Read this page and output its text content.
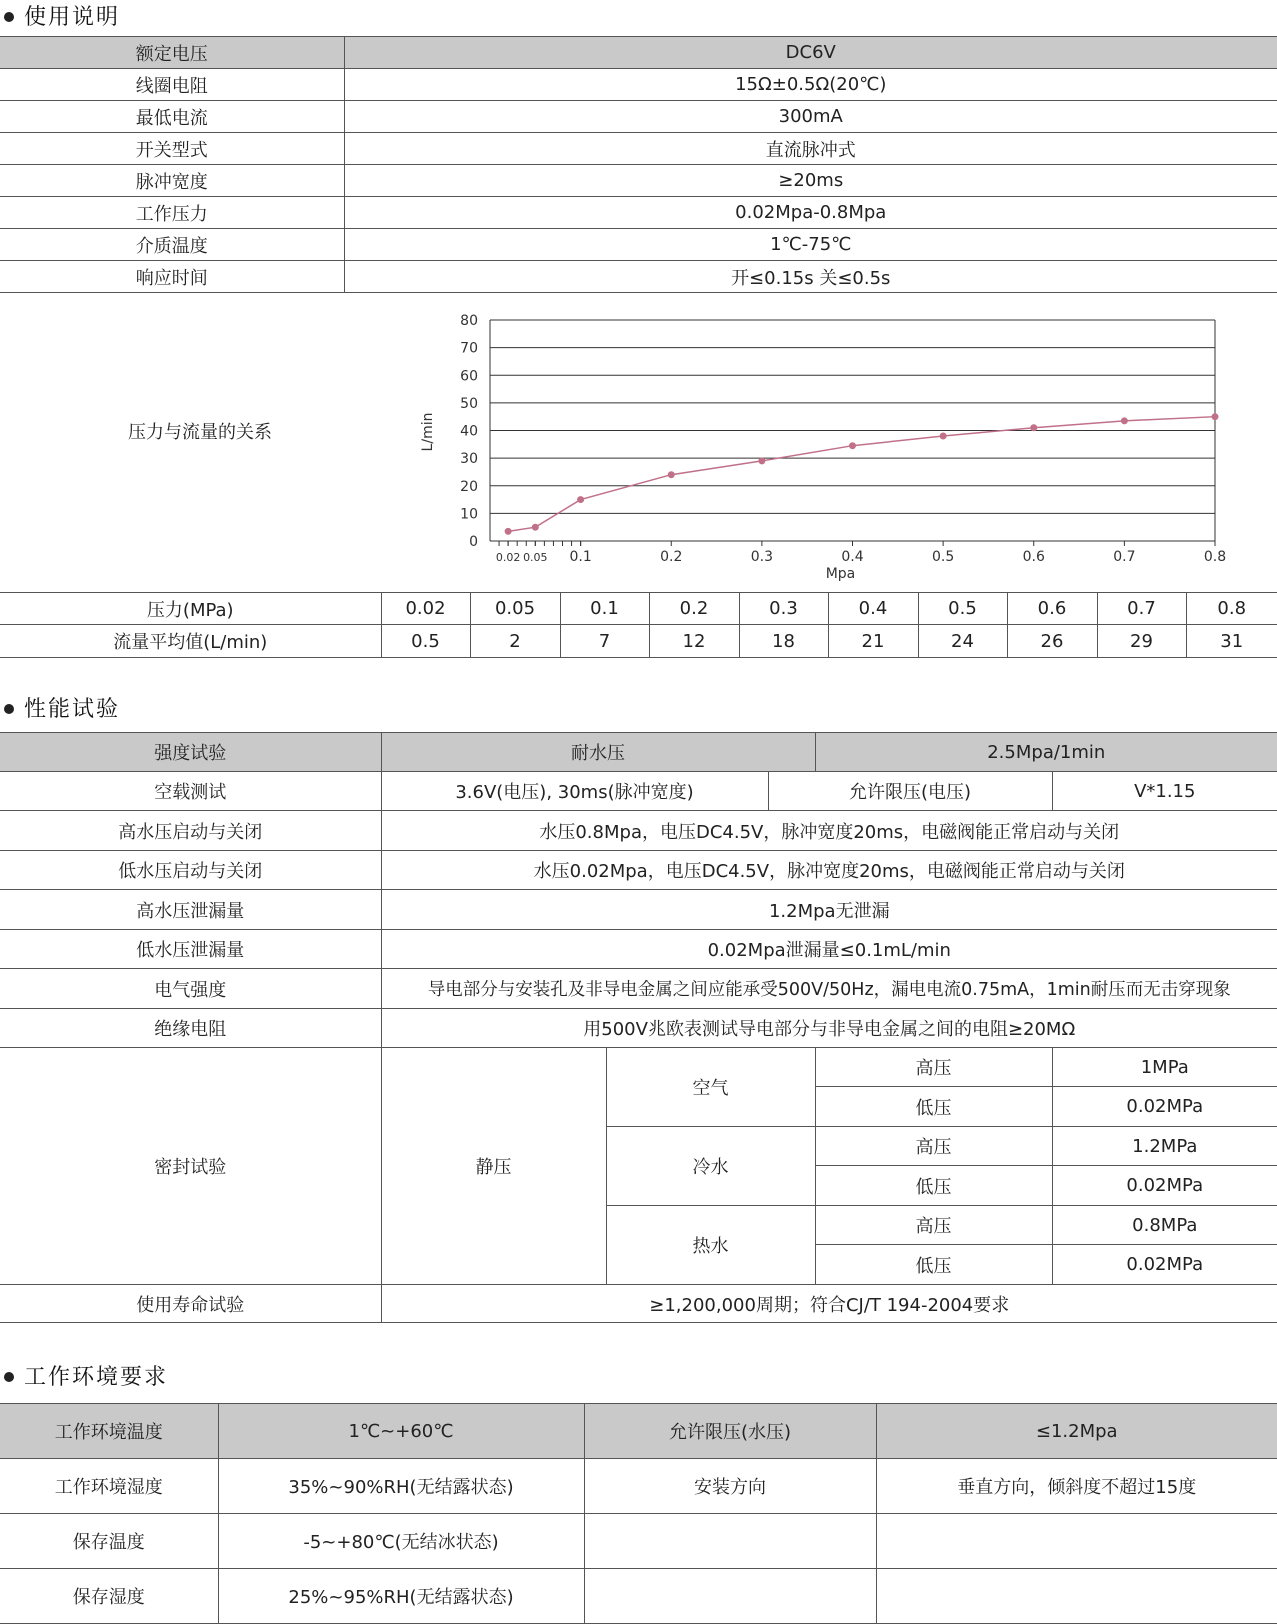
使用说明
额定电压	DC6V
线圈电阻	15Ω±0.5Ω(20℃)
最低电流	300mA
开关型式	直流脉冲式
脉冲宽度	≥20ms
工作压力	0.02Mpa-0.8Mpa
介质温度	1℃-75℃
响应时间	开≤0.15s 关≤0.5s
压力与流量的关系
0
10
20
30
40
50
60
70
80
0.02 0.05 0.1	0.2	0.3	0.4	0.5	0.6	0.7	0.8
Mpa
L/min
压力(MPa)	0.02	0.05	0.1	0.2	0.3	0.4	0.5	0.6	0.7	0.8
流量平均值(L/min)	0.5	2	7	12	18	21	24	26	29	31
性能试验
强度试验	耐水压			2.5Mpa/1min	
空载测试	3.6V(电压), 30ms(脉冲宽度)		允许限压(电压)		V*1.15
高水压启动与关闭	水压0.8Mpa，电压DC4.5V，脉冲宽度20ms，电磁阀能正常启动与关闭				
低水压启动与关闭	水压0.02Mpa，电压DC4.5V，脉冲宽度20ms，电磁阀能正常启动与关闭				
高水压泄漏量	1.2Mpa无泄漏				
低水压泄漏量	0.02Mpa泄漏量≤0.1mL/min				
电气强度	导电部分与安装孔及非导电金属之间应能承受500V/50Hz，漏电电流0.75mA，1min耐压而无击穿现象				
绝缘电阻	用500V兆欧表测试导电部分与非导电金属之间的电阻≥20MΩ				
密封试验	静压	空气		高压	1MPa
				低压	0.02MPa
		冷水		高压	1.2MPa
				低压	0.02MPa
		热水		高压	0.8MPa
				低压	0.02MPa
使用寿命试验	≥1,200,000周期；符合CJ/T 194-2004要求				
工作环境要求
工作环境温度	1℃~+60℃	允许限压(水压)	≤1.2Mpa
工作环境湿度	35%~90%RH(无结露状态)	安装方向	垂直方向，倾斜度不超过15度
保存温度	-5~+80℃(无结冰状态)		
保存湿度	25%~95%RH(无结露状态)		
